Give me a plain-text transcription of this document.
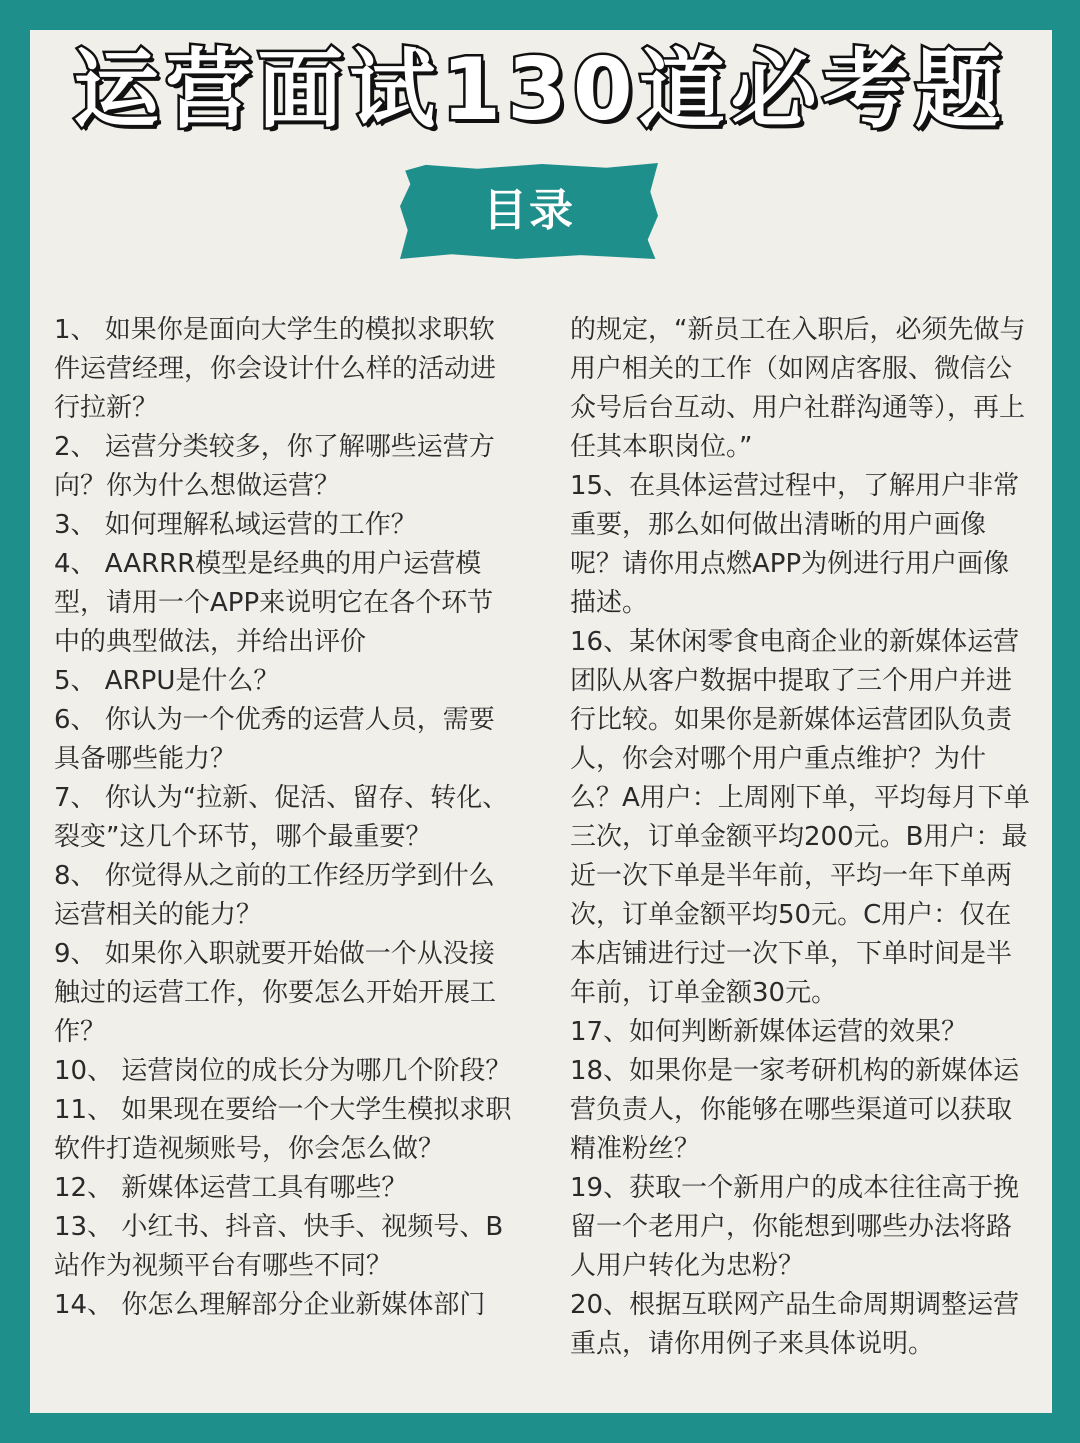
运营面试130道必考题
目录

1、 如果你是面向大学生的模拟求职软件运营经理，你会设计什么样的活动进行拉新？

2、 运营分类较多，你了解哪些运营方向？你为什么想做运营？

3、 如何理解私域运营的工作？

4、 AARRR模型是经典的用户运营模型，请用一个APP来说明它在各个环节中的典型做法，并给出评价

5、 ARPU是什么？

6、 你认为一个优秀的运营人员，需要具备哪些能力？

7、 你认为“拉新、促活、留存、转化、裂变”这几个环节，哪个最重要？

8、 你觉得从之前的工作经历学到什么运营相关的能力？

9、 如果你入职就要开始做一个从没接触过的运营工作，你要怎么开始开展工作？

10、 运营岗位的成长分为哪几个阶段？

11、 如果现在要给一个大学生模拟求职软件打造视频账号，你会怎么做？

12、 新媒体运营工具有哪些？

13、 小红书、抖音、快手、视频号、B站作为视频平台有哪些不同？

14、 你怎么理解部分企业新媒体部门

的规定，“新员工在入职后，必须先做与用户相关的工作（如网店客服、微信公众号后台互动、用户社群沟通等），再上任其本职岗位。”

15、在具体运营过程中，了解用户非常重要，那么如何做出清晰的用户画像呢？请你用点燃APP为例进行用户画像描述。

16、某休闲零食电商企业的新媒体运营团队从客户数据中提取了三个用户并进行比较。如果你是新媒体运营团队负责人，你会对哪个用户重点维护？为什么？A用户：上周刚下单，平均每月下单三次，订单金额平均200元。B用户：最近一次下单是半年前，平均一年下单两次，订单金额平均50元。C用户：仅在本店铺进行过一次下单，下单时间是半年前，订单金额30元。

17、如何判断新媒体运营的效果？

18、如果你是一家考研机构的新媒体运营负责人，你能够在哪些渠道可以获取精准粉丝？

19、获取一个新用户的成本往往高于挽留一个老用户，你能想到哪些办法将路人用户转化为忠粉？

20、根据互联网产品生命周期调整运营重点，请你用例子来具体说明。
